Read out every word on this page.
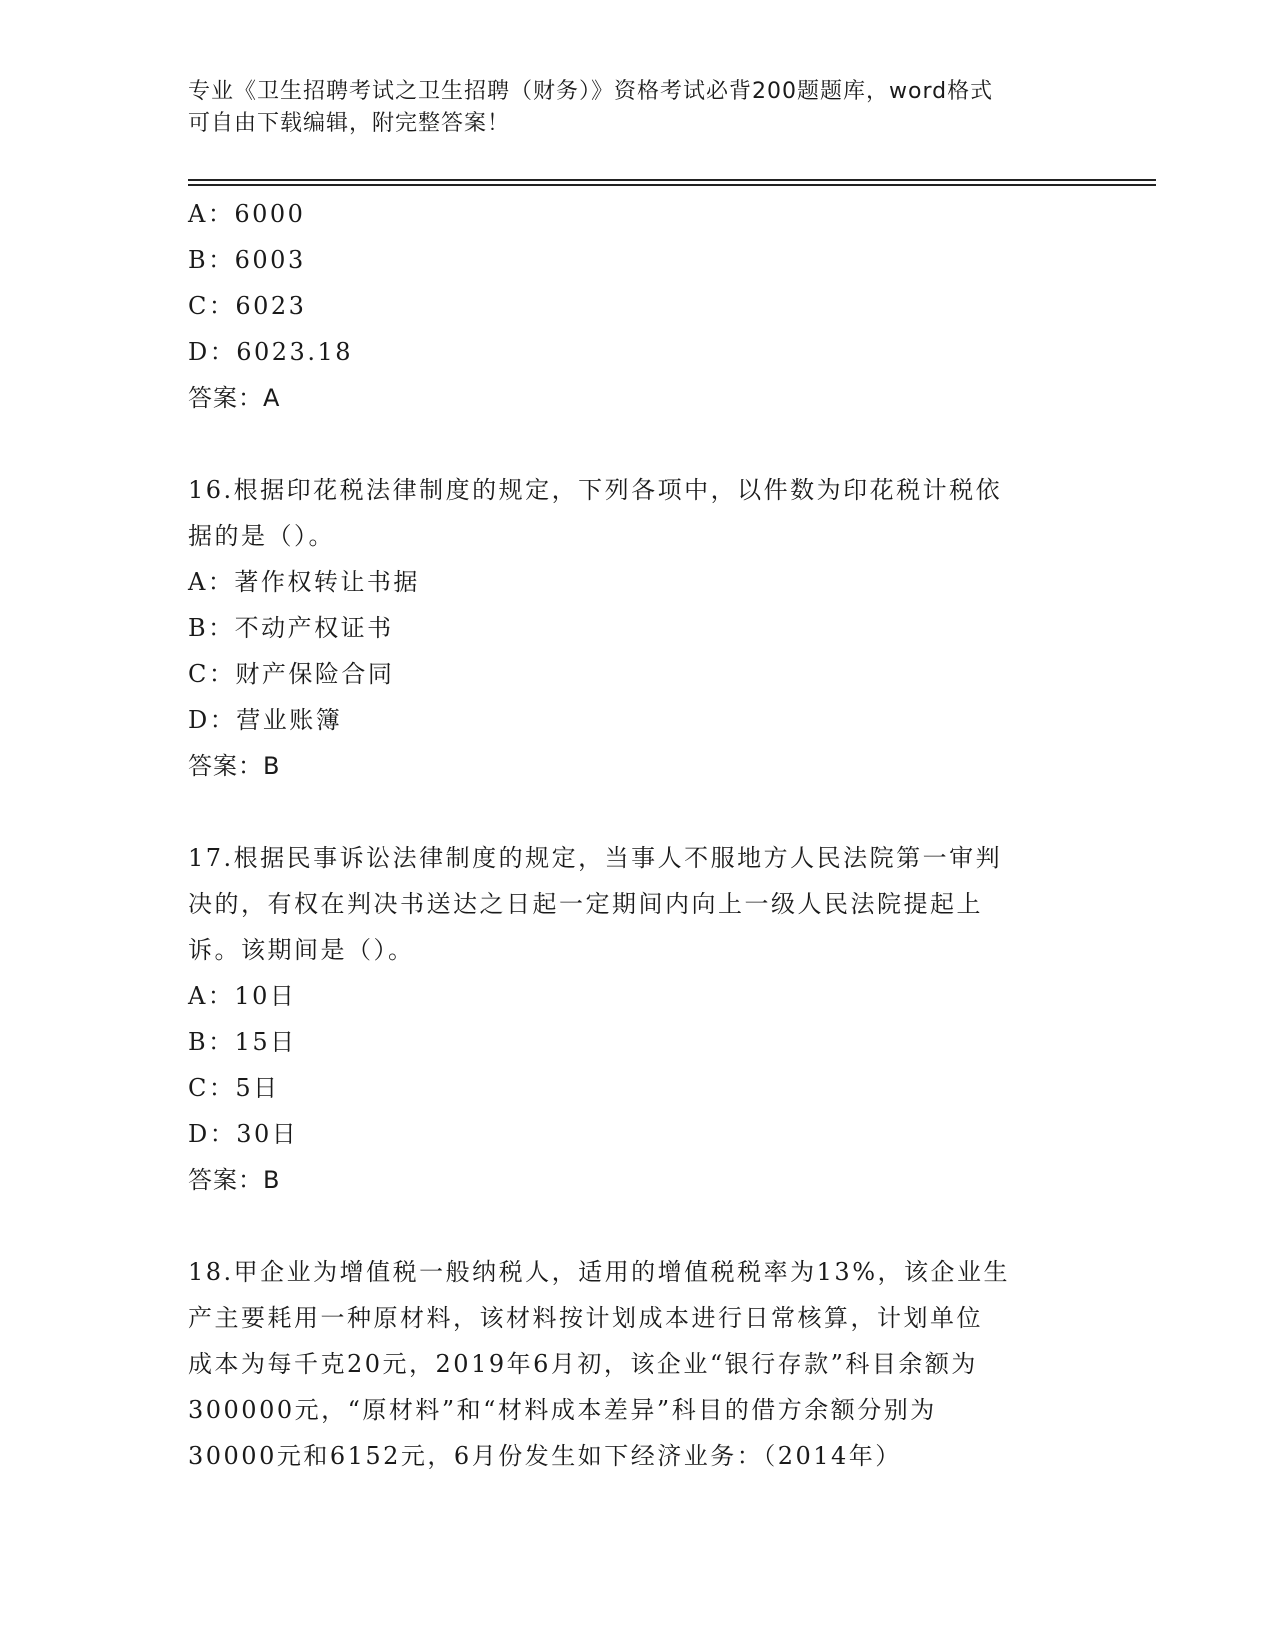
专业《卫生招聘考试之卫生招聘（财务）》资格考试必背200题题库，word格式
可自由下载编辑，附完整答案！
A：6000
B：6003
C：6023
D：6023.18
答案：A
16.根据印花税法律制度的规定，下列各项中，以件数为印花税计税依
据的是（）。
A：著作权转让书据
B：不动产权证书
C：财产保险合同
D：营业账簿
答案：B
17.根据民事诉讼法律制度的规定，当事人不服地方人民法院第一审判
决的，有权在判决书送达之日起一定期间内向上一级人民法院提起上
诉。该期间是（）。
A：10日
B：15日
C：5日
D：30日
答案：B
18.甲企业为增值税一般纳税人，适用的增值税税率为13%，该企业生
产主要耗用一种原材料，该材料按计划成本进行日常核算，计划单位
成本为每千克20元，2019年6月初，该企业“银行存款”科目余额为
300000元，“原材料”和“材料成本差异”科目的借方余额分别为
30000元和6152元，6月份发生如下经济业务：（2014年）
